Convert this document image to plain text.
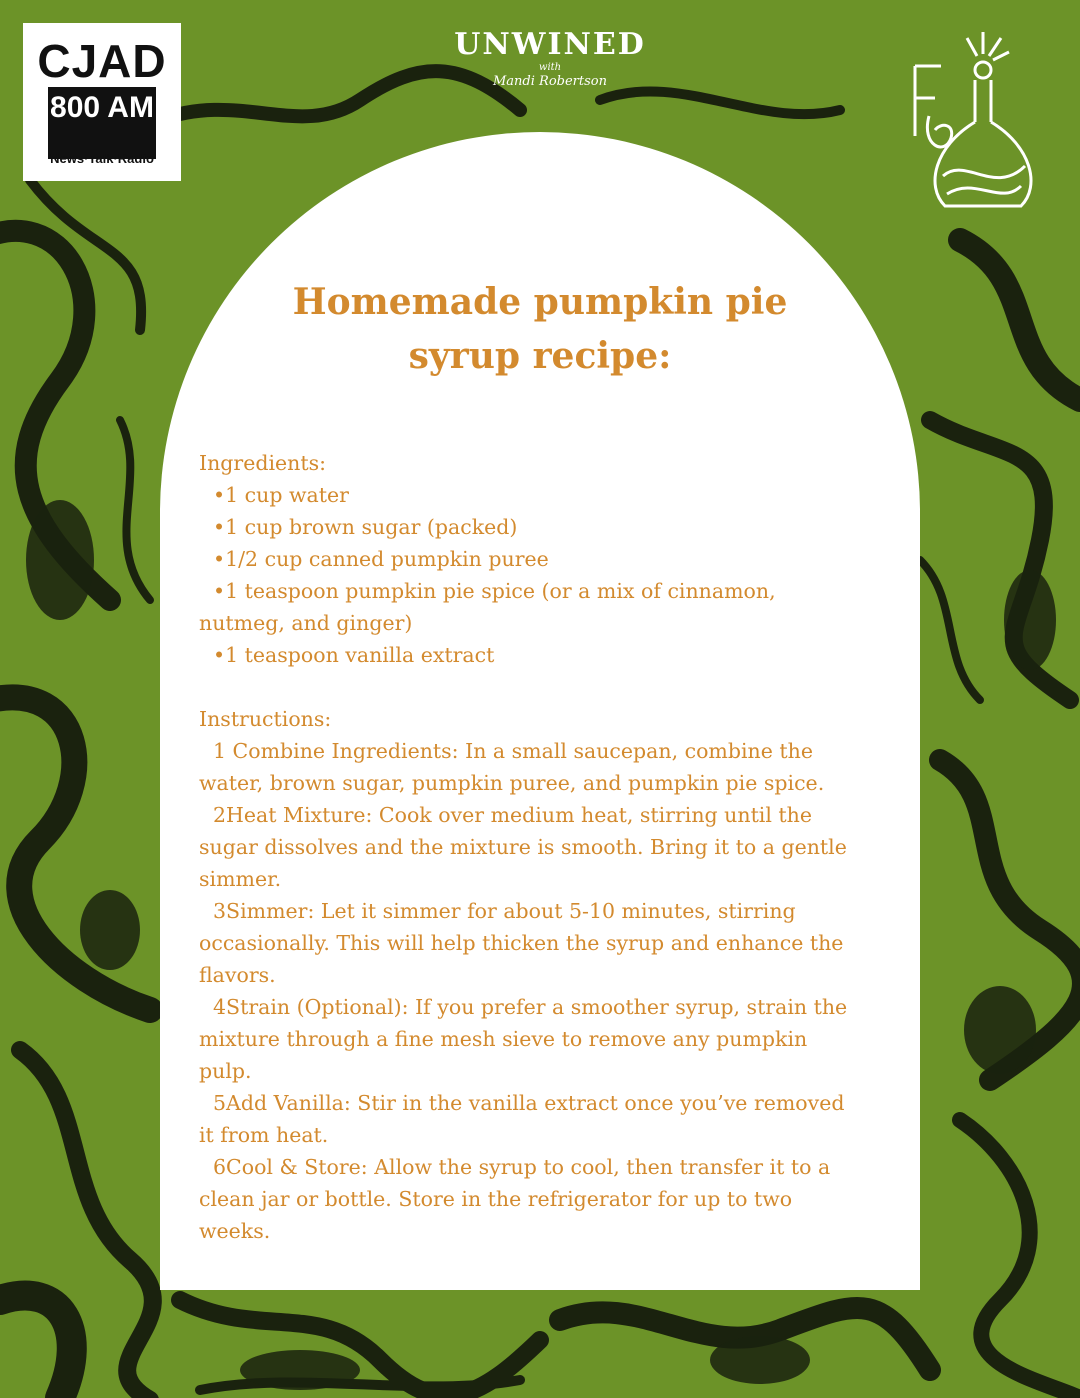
CJAD
800 AM
News·Talk·Radio
UNWINED
with
Mandi Robertson
Homemade pumpkin pie
syrup recipe:
Ingredients:
•1 cup water
•1 cup brown sugar (packed)
•1/2 cup canned pumpkin puree
•1 teaspoon pumpkin pie spice (or a mix of cinnamon,
nutmeg, and ginger)
•1 teaspoon vanilla extract
Instructions:
1 Combine Ingredients: In a small saucepan, combine the
water, brown sugar, pumpkin puree, and pumpkin pie spice.
2Heat Mixture: Cook over medium heat, stirring until the
sugar dissolves and the mixture is smooth. Bring it to a gentle
simmer.
3Simmer: Let it simmer for about 5-10 minutes, stirring
occasionally. This will help thicken the syrup and enhance the
flavors.
4Strain (Optional): If you prefer a smoother syrup, strain the
mixture through a fine mesh sieve to remove any pumpkin
pulp.
5Add Vanilla: Stir in the vanilla extract once you’ve removed
it from heat.
6Cool & Store: Allow the syrup to cool, then transfer it to a
clean jar or bottle. Store in the refrigerator for up to two
weeks.
